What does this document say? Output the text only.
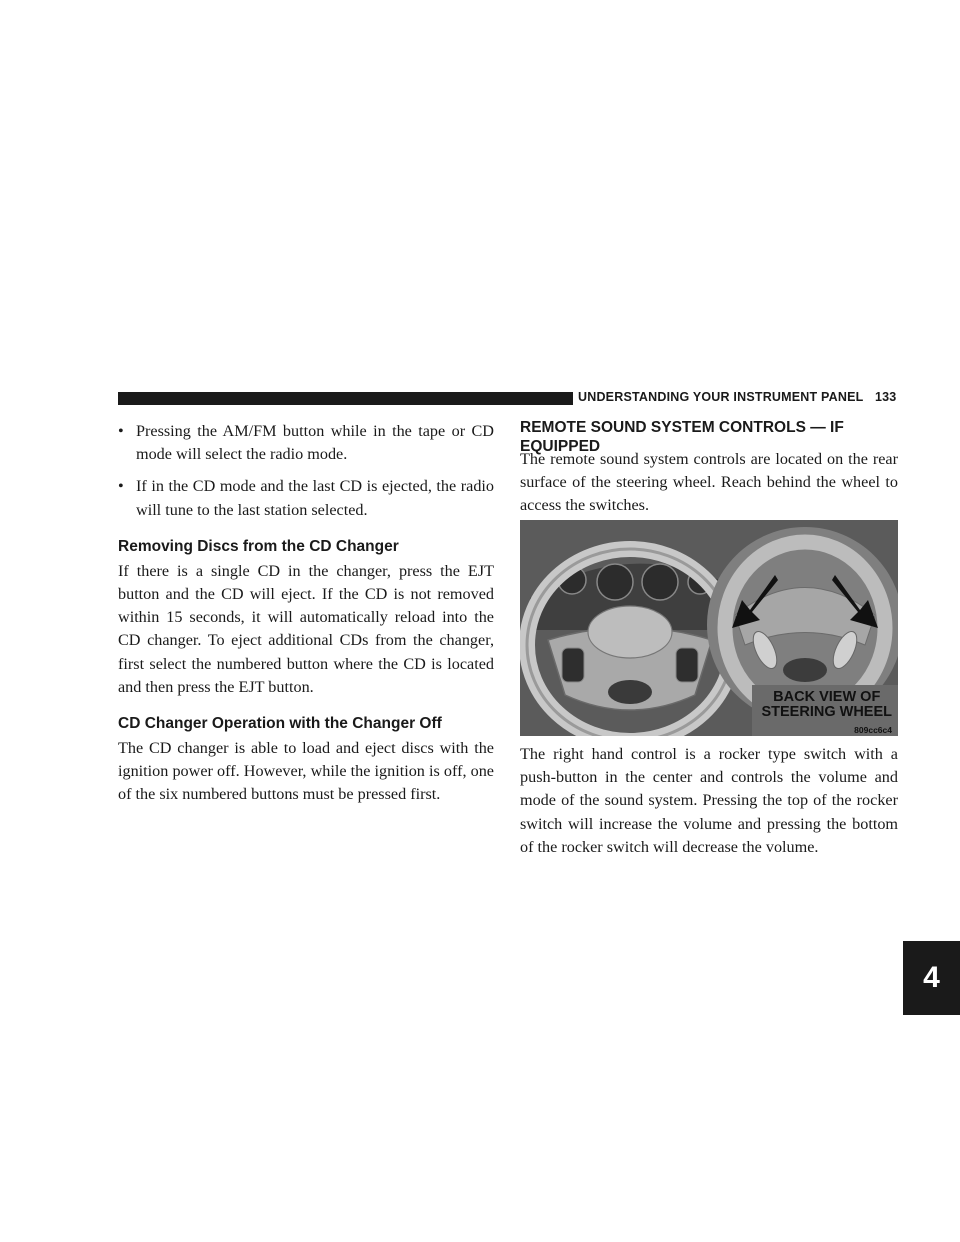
UNDERSTANDING YOUR INSTRUMENT PANEL 133
4
• Pressing the AM/FM button while in the tape or CD mode will select the radio mode.
• If in the CD mode and the last CD is ejected, the radio will tune to the last station selected.
Removing Discs from the CD Changer

If there is a single CD in the changer, press the EJT button and the CD will eject. If the CD is not removed within 15 seconds, it will automatically reload into the CD changer. To eject additional CDs from the changer, first select the numbered button where the CD is located and then press the EJT button.

CD Changer Operation with the Changer Off

The CD changer is able to load and eject discs with the ignition power off. However, while the ignition is off, one of the six numbered buttons must be pressed first.

REMOTE SOUND SYSTEM CONTROLS — IF EQUIPPED

The remote sound system controls are located on the rear surface of the steering wheel. Reach behind the wheel to access the switches.

BACK VIEW OF
STEERING WHEEL
809cc6c4

The right hand control is a rocker type switch with a push-button in the center and controls the volume and mode of the sound system. Pressing the top of the rocker switch will increase the volume and pressing the bottom of the rocker switch will decrease the volume.
